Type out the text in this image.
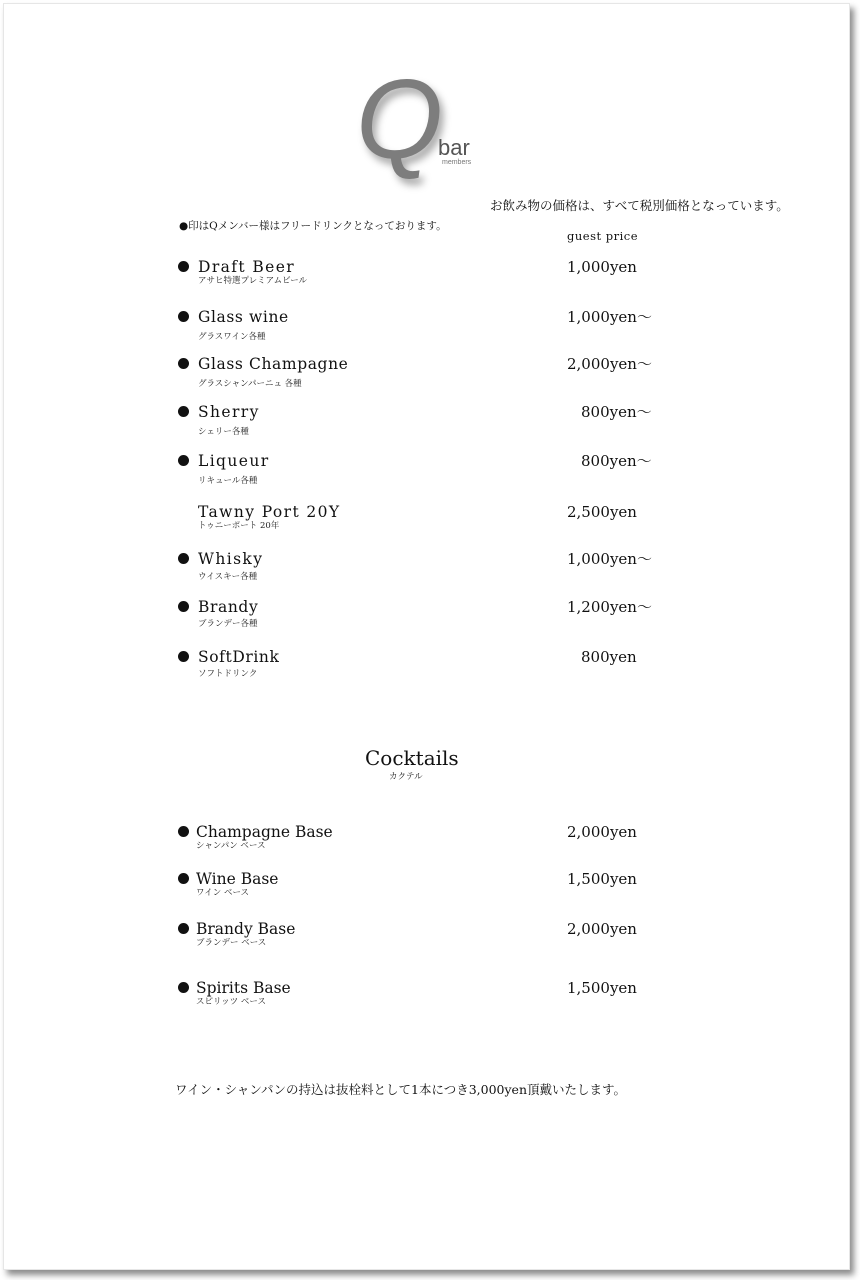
Q
bar
members
お飲み物の価格は、すべて税別価格となっています。
●印はQメンバー様はフリードリンクとなっております。
guest price
Draft Beer
アサヒ特選プレミアムビール
1,000yen
Glass wine
グラスワイン各種
1,000yen～
Glass Champagne
グラスシャンパーニュ 各種
2,000yen～
Sherry
シェリー各種
800yen～
Liqueur
リキュール各種
800yen～
Tawny Port 20Y
トゥニーポート 20年
2,500yen
Whisky
ウイスキー各種
1,000yen～
Brandy
ブランデー各種
1,200yen～
SoftDrink
ソフトドリンク
800yen
Cocktails
カクテル
Champagne Base
シャンパン ベース
2,000yen
Wine Base
ワイン ベース
1,500yen
Brandy Base
ブランデー ベース
2,000yen
Spirits Base
スピリッツ ベース
1,500yen
ワイン・シャンパンの持込は抜栓料として1本につき3,000yen頂戴いたします。
